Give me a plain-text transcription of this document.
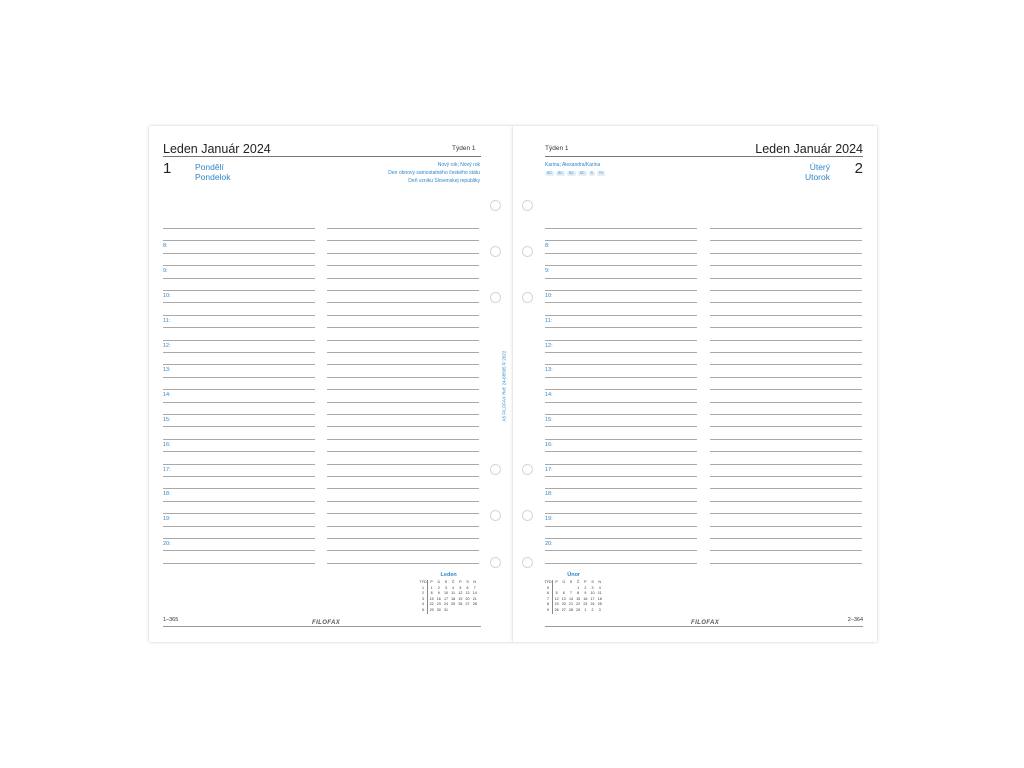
Leden Január 2024	Týden 1
1	Pondělí
Pondelok
Nový rok; Nový rok
Den obnovy samostatného českého státu
Deň vzniku Slovenskej republiky
8:
9:
10:
11:
12:
13:
14:
15:
16:
17:
18:
19:
20:
Leden
TÝD	P	Ú	S	Č	P	S	N
1	1	2	3	4	5	6	7
2	8	9	10	11	12	13	14
3	15	16	17	18	19	20	21
4	22	23	24	25	26	27	28
5	29	30	31				
1–365	FILOFAX
A5 FILOFAX Ref: 24-68505 © 2022
Týden 1	Leden Január 2024
Karina; Alexandra/Karina
SC	SC	SC	SC	S	TV
Úterý
Utorok 2
8:
9:
10:
11:
12:
13:
14:
15:
16:
17:
18:
19:
20:
Únor
TÝD	P	Ú	S	Č	P	S	N
5				1	2	3	4
6	5	6	7	8	9	10	11
7	12	13	14	15	16	17	18
8	19	20	21	22	23	24	25
9	26	27	28	29	1	2	3
2–364
FILOFAX
